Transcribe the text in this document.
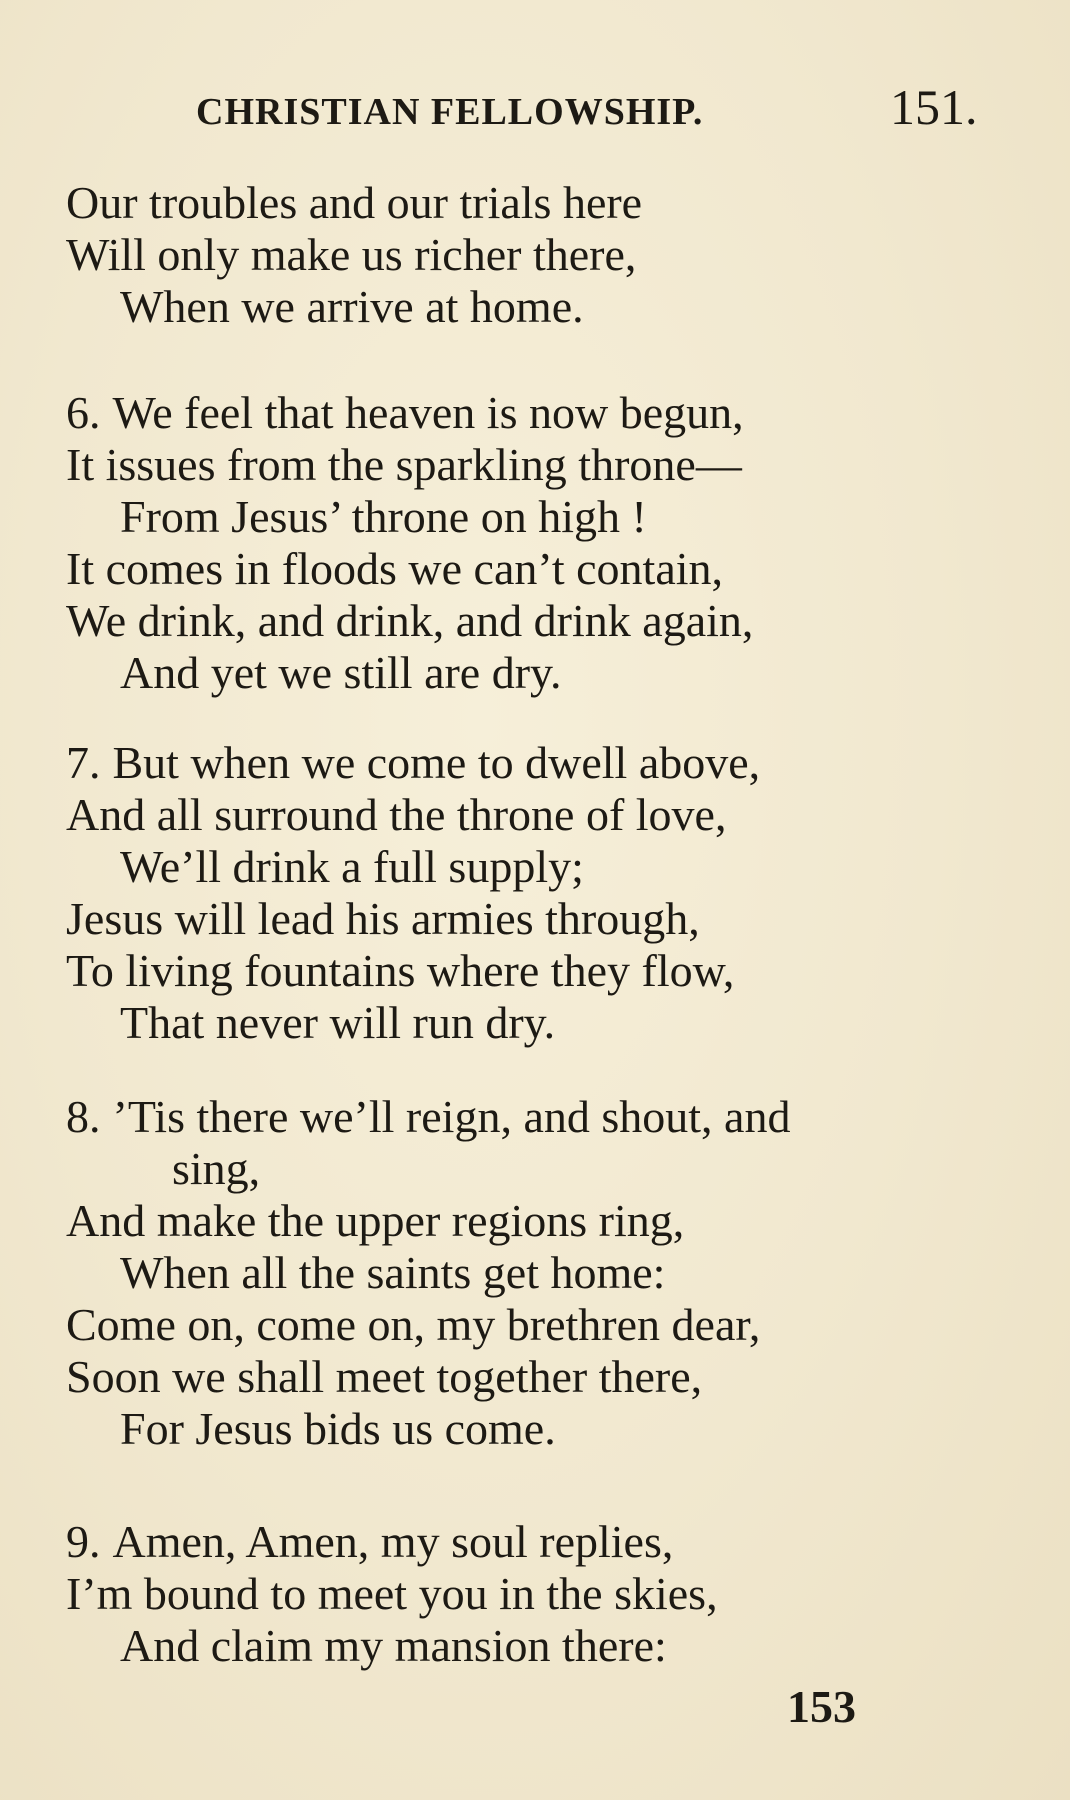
CHRISTIAN FELLOWSHIP.	151.
Our troubles and our trials here
Will only make us richer there,
When we arrive at home.
6. We feel that heaven is now begun,
It issues from the sparkling throne—
From Jesus’ throne on high !
It comes in floods we can’t contain,
We drink, and drink, and drink again,
And yet we still are dry.
7. But when we come to dwell above,
And all surround the throne of love,
We’ll drink a full supply;
Jesus will lead his armies through,
To living fountains where they flow,
That never will run dry.
8. ’Tis there we’ll reign, and shout, and
sing,
And make the upper regions ring,
When all the saints get home:
Come on, come on, my brethren dear,
Soon we shall meet together there,
For Jesus bids us come.
9. Amen, Amen, my soul replies,
I’m bound to meet you in the skies,
And claim my mansion there:
153
